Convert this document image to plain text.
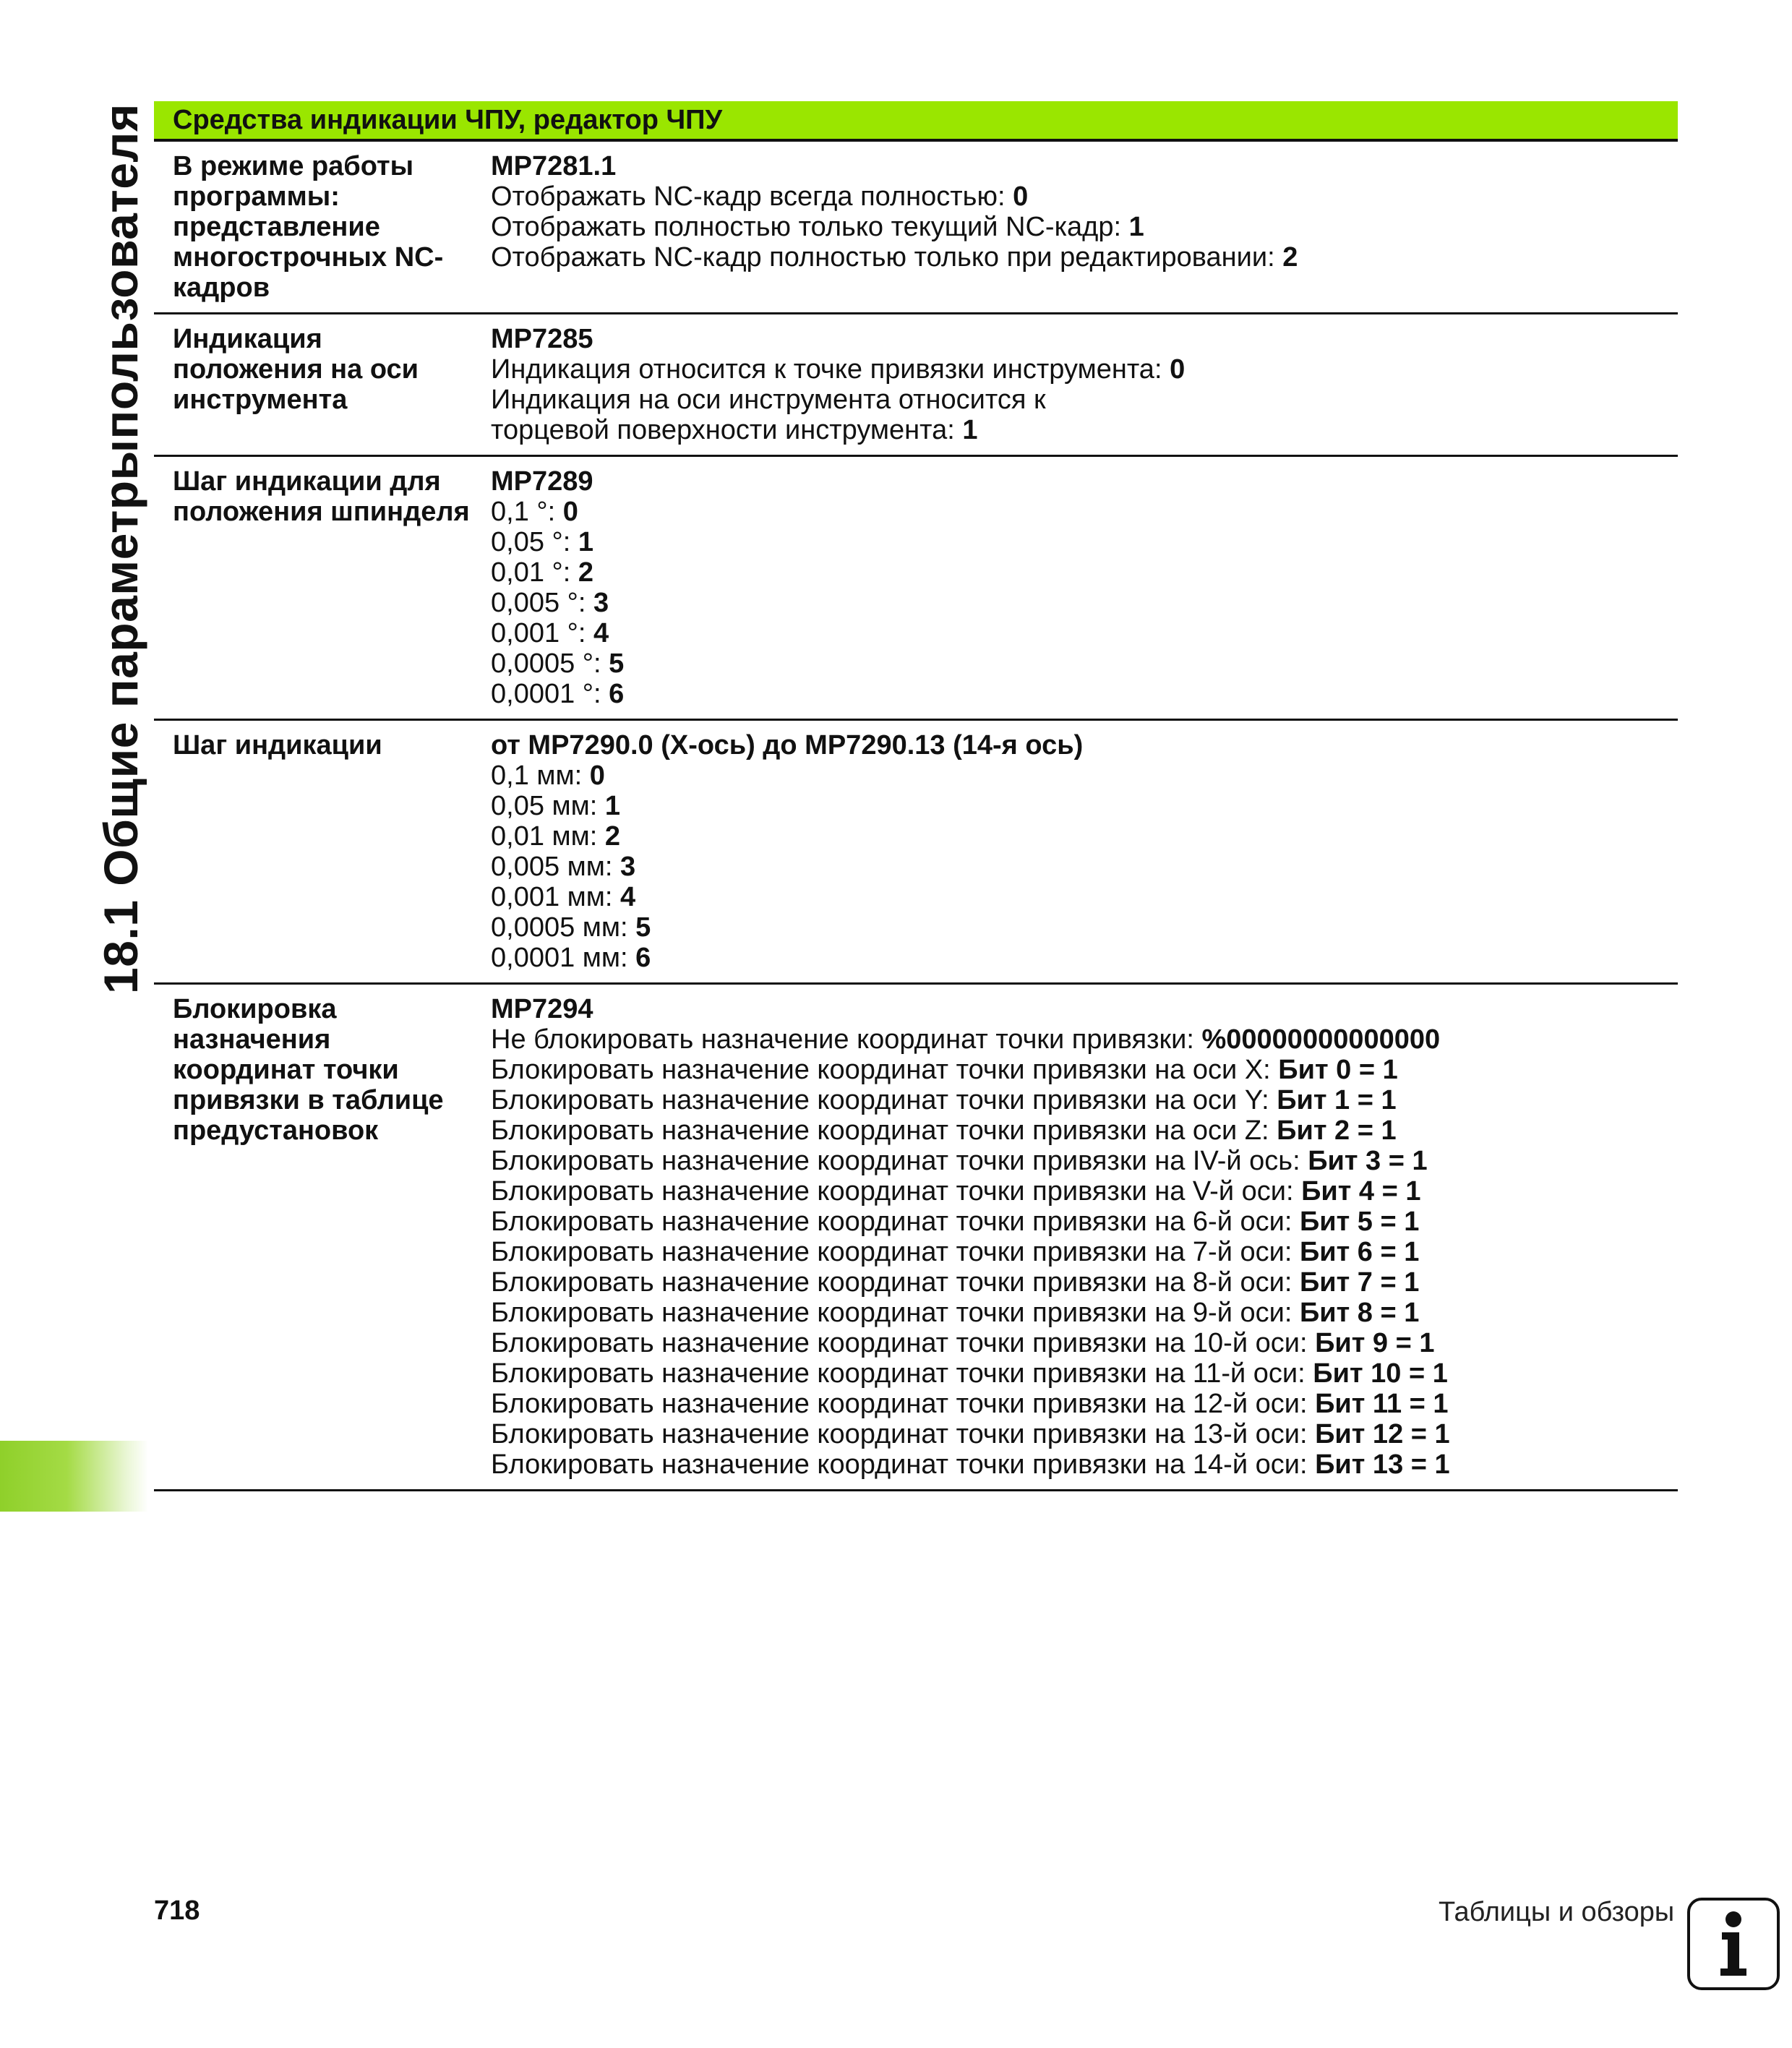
18.1 Общие параметрыпользователя Средства индикации ЧПУ, редактор ЧПУ
В режиме работы
программы:
представление
многострочных NC-
кадров
MP7281.1
Отображать NC-кадр всегда полностью: 0
Отображать полностью только текущий NC-кадр: 1
Отображать NC-кадр полностью только при редактировании: 2
Индикация
положения на оси
инструмента
MP7285
Индикация относится к точке привязки инструмента: 0
Индикация на оси инструмента относится к
торцевой поверхности инструмента: 1
Шаг индикации для
положения шпинделя
MP7289
0,1 °: 0
0,05 °: 1
0,01 °: 2
0,005 °: 3
0,001 °: 4
0,0005 °: 5
0,0001 °: 6
Шаг индикации	от MP7290.0 (X-ось) до MP7290.13 (14-я ось)
0,1 мм: 0
0,05 мм: 1
0,01 мм: 2
0,005 мм: 3
0,001 мм: 4
0,0005 мм: 5
0,0001 мм: 6
Блокировка
назначения
координат точки
привязки в таблице
предустановок
MP7294
Не блокировать назначение координат точки привязки: %00000000000000
Блокировать назначение координат точки привязки на оси X: Бит 0 = 1
Блокировать назначение координат точки привязки на оси Y: Бит 1 = 1
Блокировать назначение координат точки привязки на оси Z: Бит 2 = 1
Блокировать назначение координат точки привязки на IV-й ось: Бит 3 = 1
Блокировать назначение координат точки привязки на V-й оси: Бит 4 = 1
Блокировать назначение координат точки привязки на 6-й оси: Бит 5 = 1
Блокировать назначение координат точки привязки на 7-й оси: Бит 6 = 1
Блокировать назначение координат точки привязки на 8-й оси: Бит 7 = 1
Блокировать назначение координат точки привязки на 9-й оси: Бит 8 = 1
Блокировать назначение координат точки привязки на 10-й оси: Бит 9 = 1
Блокировать назначение координат точки привязки на 11-й оси: Бит 10 = 1
Блокировать назначение координат точки привязки на 12-й оси: Бит 11 = 1
Блокировать назначение координат точки привязки на 13-й оси: Бит 12 = 1
Блокировать назначение координат точки привязки на 14-й оси: Бит 13 = 1
718	Таблицы и обзоры
